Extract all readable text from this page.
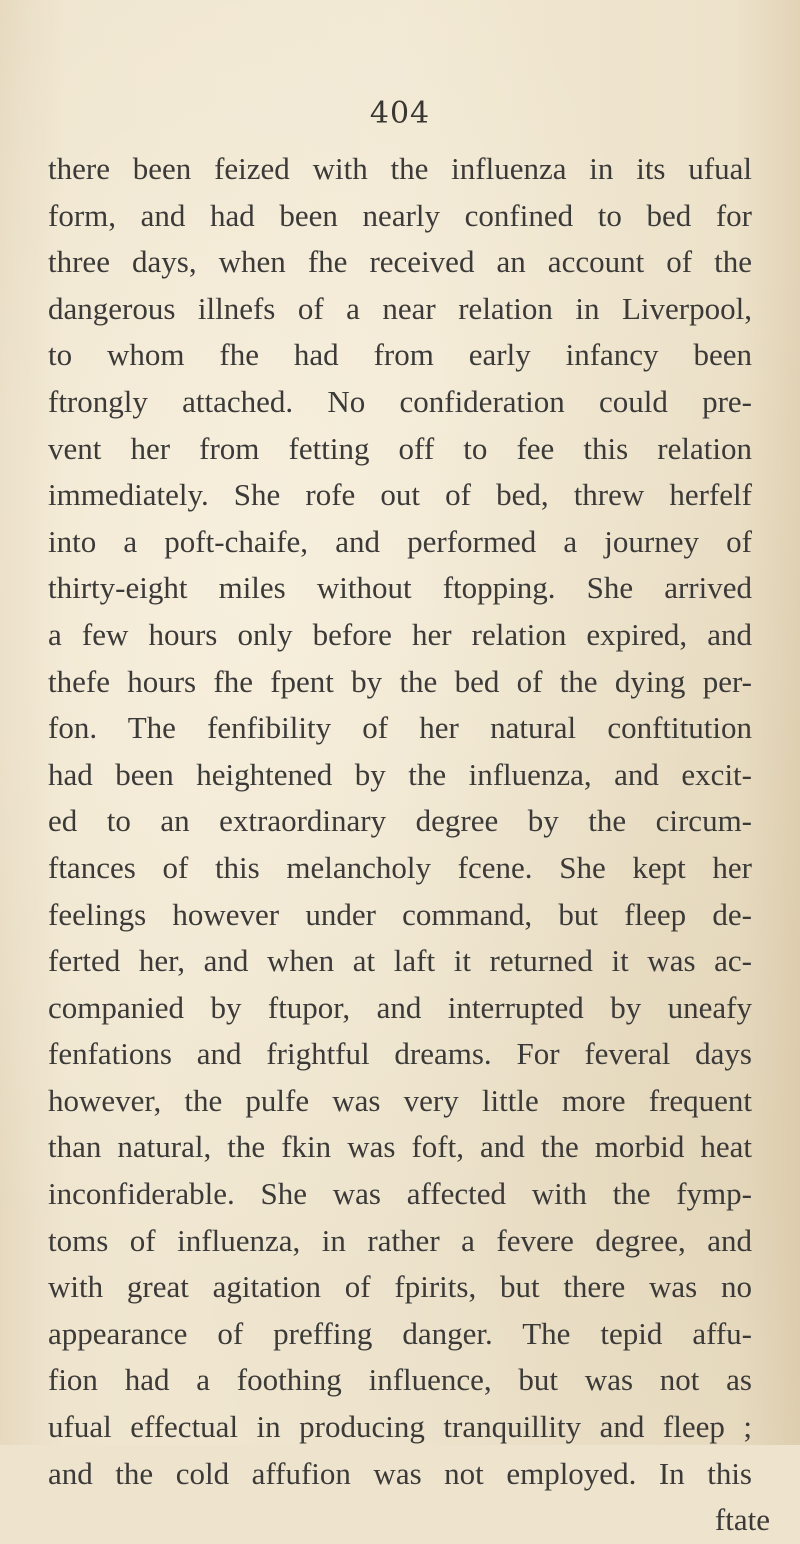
404
there been feized with the influenza in its ufual
form, and had been nearly confined to bed for
three days, when fhe received an account of the
dangerous illnefs of a near relation in Liverpool,
to whom fhe had from early infancy been
ftrongly attached. No confideration could pre-
vent her from fetting off to fee this relation
immediately. She rofe out of bed, threw herfelf
into a poft-chaife, and performed a journey of
thirty-eight miles without ftopping. She arrived
a few hours only before her relation expired, and
thefe hours fhe fpent by the bed of the dying per-
fon. The fenfibility of her natural conftitution
had been heightened by the influenza, and excit-
ed to an extraordinary degree by the circum-
ftances of this melancholy fcene. She kept her
feelings however under command, but fleep de-
ferted her, and when at laft it returned it was ac-
companied by ftupor, and interrupted by uneafy
fenfations and frightful dreams. For feveral days
however, the pulfe was very little more frequent
than natural, the fkin was foft, and the morbid heat
inconfiderable. She was affected with the fymp-
toms of influenza, in rather a fevere degree, and
with great agitation of fpirits, but there was no
appearance of preffing danger. The tepid affu-
fion had a foothing influence, but was not as
ufual effectual in producing tranquillity and fleep ;
and the cold affufion was not employed. In this
ftate
